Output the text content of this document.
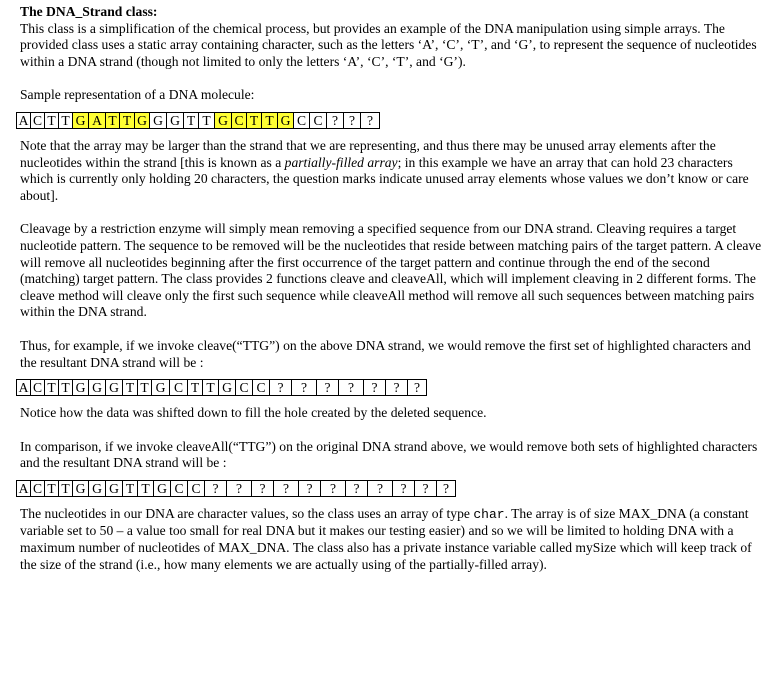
The DNA_Strand class:

This class is a simplification of the chemical process, but provides an example of the DNA manipulation using simple arrays. The provided class uses a static array containing character, such as the letters ‘A’, ‘C’, ‘T’, and ‘G’, to represent the sequence of nucleotides within a DNA strand (though not limited to only the letters ‘A’, ‘C’, ‘T’, and ‘G’).

Sample representation of a DNA molecule:

A C T T G A T T G G G T T G C T T G C C ? ? ?

Note that the array may be larger than the strand that we are representing, and thus there may be unused array elements after the nucleotides within the strand [this is known as a partially-filled array; in this example we have an array that can hold 23 characters which is currently only holding 20 characters, the question marks indicate unused array elements whose values we don’t know or care about].

Cleavage by a restriction enzyme will simply mean removing a specified sequence from our DNA strand. Cleaving requires a target nucleotide pattern. The sequence to be removed will be the nucleotides that reside between matching pairs of the target pattern. A cleave will remove all nucleotides beginning after the first occurrence of the target pattern and continue through the end of the second (matching) target pattern. The class provides 2 functions cleave and cleaveAll, which will implement cleaving in 2 different forms. The cleave method will cleave only the first such sequence while cleaveAll method will remove all such sequences between matching pairs within the DNA strand.

Thus, for example, if we invoke cleave(“TTG”) on the above DNA strand, we would remove the first set of highlighted characters and the resultant DNA strand will be :

A C T T G G G T T G C T T G C C ?	?	?	?	?	?	?

Notice how the data was shifted down to fill the hole created by the deleted sequence.

In comparison, if we invoke cleaveAll(“TTG”) on the original DNA strand above, we would remove both sets of highlighted characters and the resultant DNA strand will be :

A C T T G G G T T G C C ?	?	?	?	?	?	?	?	?	?	?

The nucleotides in our DNA are character values, so the class uses an array of type char. The array is of size MAX_DNA (a constant variable set to 50 – a value too small for real DNA but it makes our testing easier) and so we will be limited to holding DNA with a maximum number of nucleotides of MAX_DNA. The class also has a private instance variable called mySize which will keep track of the size of the strand (i.e., how many elements we are actually using of the partially-filled array).
